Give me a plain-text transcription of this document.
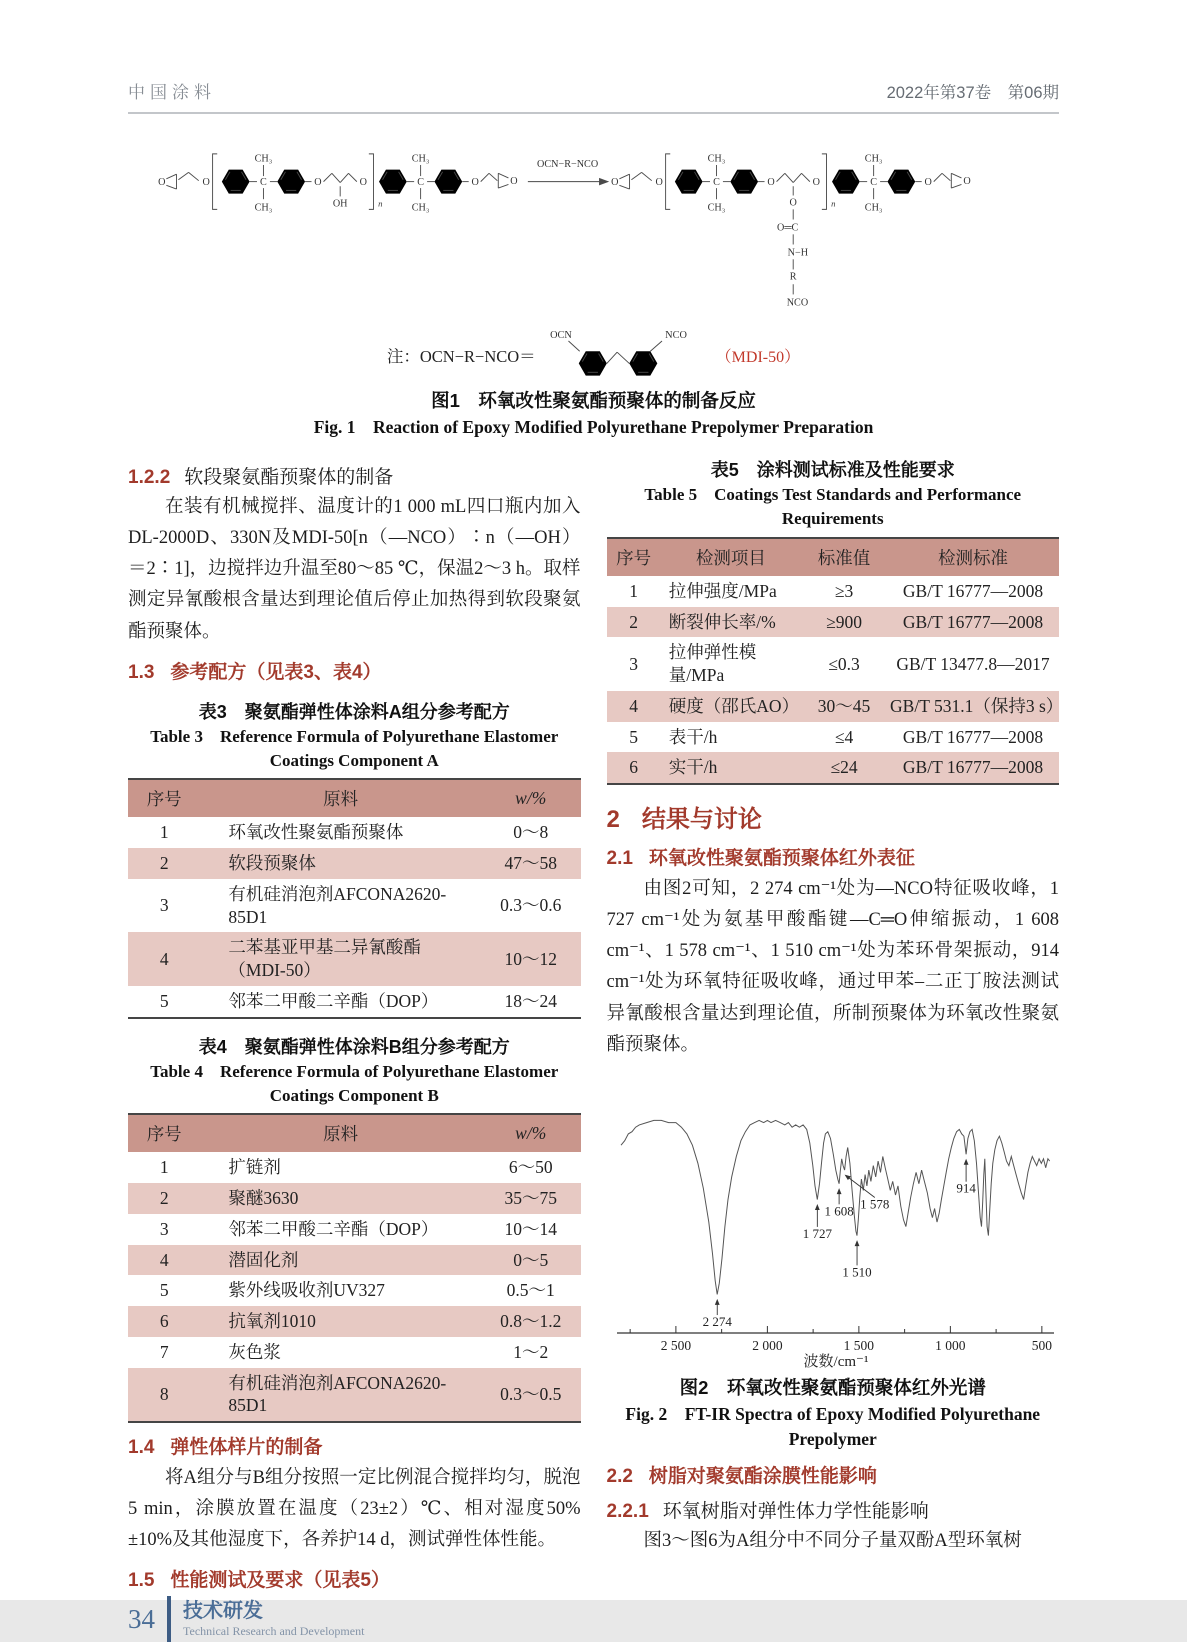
中国涂料	2022年第37卷　第06期
C
CH₃
CH₃
O O
O	O
OH
O
n
O
OCN−R−NCO
O	O
O
O═C
N−H
R
NCO
O
n
O
注：OCN−R−NCO＝
OCN	NCO
（MDI-50）
图1　环氧改性聚氨酯预聚体的制备反应
Fig. 1　Reaction of Epoxy Modified Polyurethane Prepolymer Preparation
1.2.2 软段聚氨酯预聚体的制备

在装有机械搅拌、温度计的1 000 mL四口瓶内加入DL-2000D、330N及MDI-50[n（—NCO）∶n（—OH）＝2∶1]，边搅拌边升温至80～85 ℃，保温2～3 h。取样测定异氰酸根含量达到理论值后停止加热得到软段聚氨酯预聚体。

1.3 参考配方（见表3、表4）
表3　聚氨酯弹性体涂料A组分参考配方
Table 3　Reference Formula of Polyurethane Elastomer
Coatings Component A
序号	原料	w/%
1	环氧改性聚氨酯预聚体	0～8
2	软段预聚体	47～58
3	有机硅消泡剂AFCONA2620-85D1	0.3～0.6
4	二苯基亚甲基二异氰酸酯（MDI-50）	10～12
5	邻苯二甲酸二辛酯（DOP）	18～24
表4　聚氨酯弹性体涂料B组分参考配方
Table 4　Reference Formula of Polyurethane Elastomer
Coatings Component B
序号	原料	w/%
1	扩链剂	6～50
2	聚醚3630	35～75
3	邻苯二甲酸二辛酯（DOP）	10～14
4	潜固化剂	0～5
5	紫外线吸收剂UV327	0.5～1
6	抗氧剂1010	0.8～1.2
7	灰色浆	1～2
8	有机硅消泡剂AFCONA2620-85D1	0.3～0.5
1.4 弹性体样片的制备

将A组分与B组分按照一定比例混合搅拌均匀，脱泡5 min，涂膜放置在温度（23±2）℃、相对湿度50%±10%及其他湿度下，各养护14 d，测试弹性体性能。

1.5 性能测试及要求（见表5）
表5　涂料测试标准及性能要求
Table 5　Coatings Test Standards and Performance
Requirements
序号	检测项目	标准值	检测标准
1	拉伸强度/MPa	≥3	GB/T 16777—2008
2	断裂伸长率/%	≥900	GB/T 16777—2008
3	拉伸弹性模量/MPa	≤0.3	GB/T 13477.8—2017
4	硬度（邵氏AO）	30～45	GB/T 531.1（保持3 s）
5	表干/h	≤4	GB/T 16777—2008
6	实干/h	≤24	GB/T 16777—2008
2 结果与讨论
2.1 环氧改性聚氨酯预聚体红外表征

由图2可知，2 274 cm⁻¹处为—NCO特征吸收峰，1 727 cm⁻¹处为氨基甲酸酯键—C═O伸缩振动，1 608 cm⁻¹、1 578 cm⁻¹、1 510 cm⁻¹处为苯环骨架振动，914 cm⁻¹处为环氧特征吸收峰，通过甲苯–二正丁胺法测试异氰酸根含量达到理论值，所制预聚体为环氧改性聚氨酯预聚体。

2 500	2 000	1 500	1 000	500
2 274
1 727
1 608 1 578
1 510
914
波数/cm⁻¹
图2　环氧改性聚氨酯预聚体红外光谱
Fig. 2　FT-IR Spectra of Epoxy Modified Polyurethane
Prepolymer
2.2 树脂对聚氨酯涂膜性能影响
2.2.1 环氧树脂对弹性体力学性能影响

图3～图6为A组分中不同分子量双酚A型环氧树

34 技术研发
Technical Research and Development
